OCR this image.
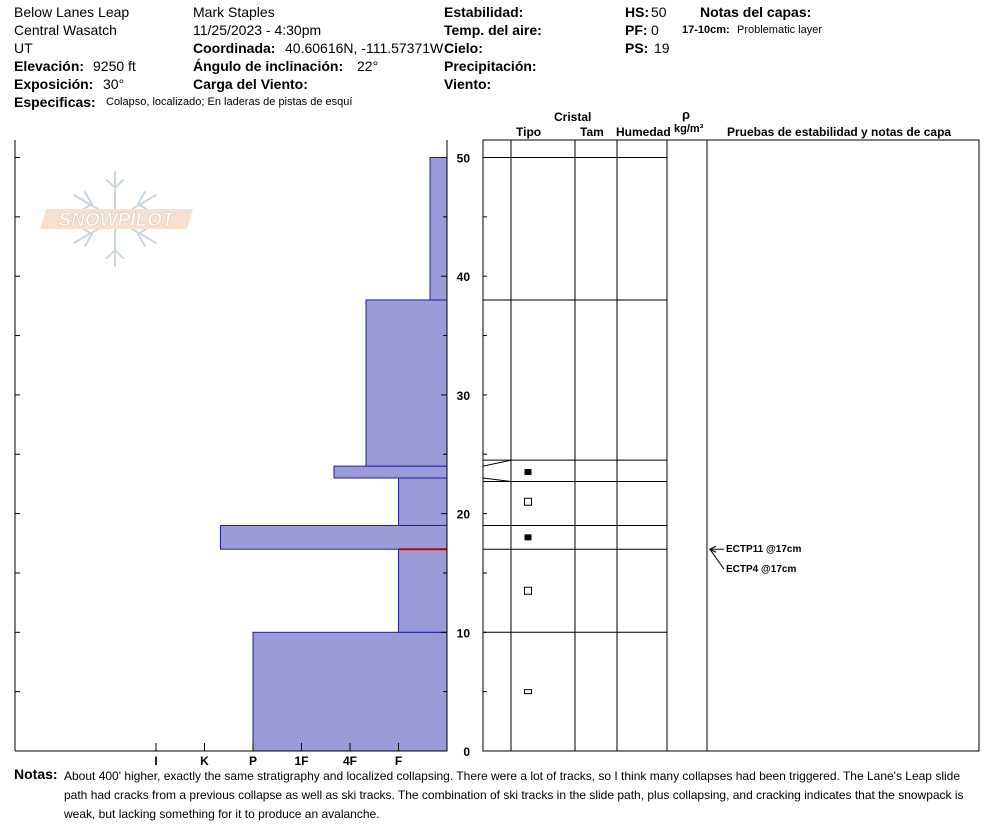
Below Lanes Leap
Central Wasatch
UT
Elevación: 9250 ft
Exposición: 30°
Especificas: Colapso, localizado; En laderas de pistas de esquí
Mark Staples
11/25/2023 - 4:30pm
Coordinada: 40.60616N, -111.57371W
Ángulo de inclinación: 22°
Carga del Viento:
Estabilidad:
Temp. del aire:
Cielo:
Precipitación:
Viento:
HS: 50
PF: 0
PS: 19
Notas del capas:
17-10cm: Problematic layer
Cristal
Tipo	Tam Humedad
ρ
kg/m³ Pruebas de estabilidad y notas de capa
SNOWPILOT
0
10
20
30
40
50
I	K	P	1F	4F	F
ECTP11 @17cm
ECTP4 @17cm
Notas: About 400' higher, exactly the same stratigraphy and localized collapsing. There were a lot of tracks, so I think many collapses had been triggered. The Lane's Leap slide path had cracks from a previous collapse as well as ski tracks. The combination of ski tracks in the slide path, plus collapsing, and cracking indicates that the snowpack is weak, but lacking something for it to produce an avalanche.
